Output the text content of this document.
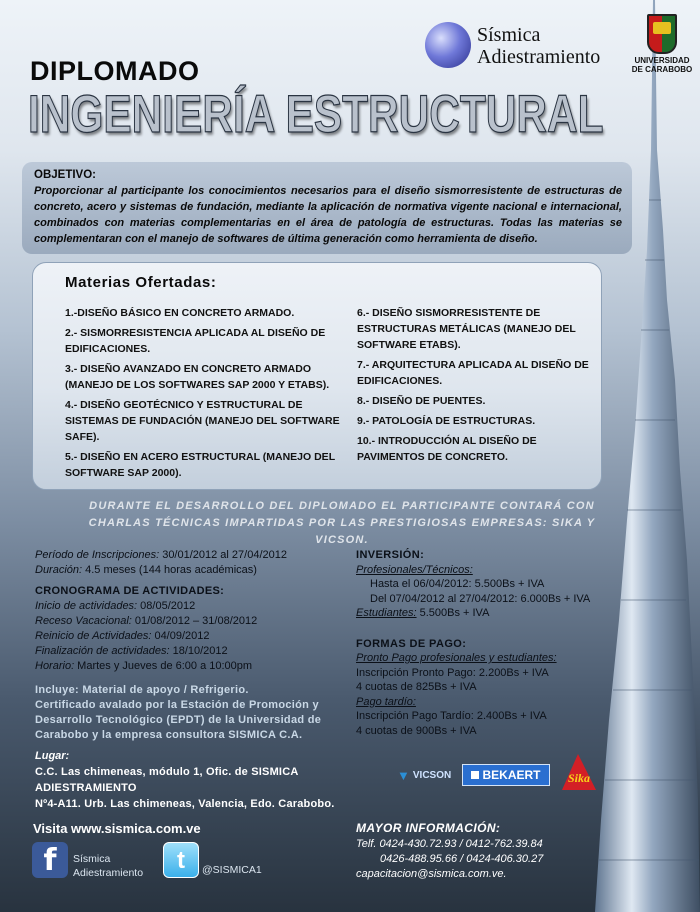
Sísmica
Adiestramiento	UNIVERSIDAD
DE CARABOBO
DIPLOMADO
INGENIERÍA ESTRUCTURAL
OBJETIVO:
Proporcionar al participante los conocimientos necesarios para el diseño sismorresistente de estructuras de concreto, acero y sistemas de fundación, mediante la aplicación de normativa vigente nacional e internacional, combinados con materias complementarias en el área de patología de estructuras. Todas las materias se complementaran con el manejo de softwares de última generación como herramienta de diseño.
Materias Ofertadas:
1.-DISEÑO BÁSICO EN CONCRETO ARMADO.
2.- SISMORRESISTENCIA APLICADA AL DISEÑO DE EDIFICACIONES.
3.- DISEÑO AVANZADO EN CONCRETO ARMADO (MANEJO DE LOS SOFTWARES SAP 2000 Y ETABS).
4.- DISEÑO GEOTÉCNICO Y ESTRUCTURAL DE SISTEMAS DE FUNDACIÓN (MANEJO DEL SOFTWARE SAFE).
5.- DISEÑO EN ACERO ESTRUCTURAL (MANEJO DEL SOFTWARE SAP 2000).
6.- DISEÑO SISMORRESISTENTE DE ESTRUCTURAS METÁLICAS (MANEJO DEL SOFTWARE ETABS).
7.- ARQUITECTURA APLICADA AL DISEÑO DE EDIFICACIONES.
8.- DISEÑO DE PUENTES.
9.- PATOLOGÍA DE ESTRUCTURAS.
10.- INTRODUCCIÓN AL DISEÑO DE PAVIMENTOS DE CONCRETO.
DURANTE EL DESARROLLO DEL DIPLOMADO EL PARTICIPANTE CONTARÁ CON CHARLAS TÉCNICAS IMPARTIDAS POR LAS PRESTIGIOSAS EMPRESAS: SIKA Y VICSON.
Período de Inscripciones: 30/01/2012 al 27/04/2012
Duración: 4.5 meses (144 horas académicas)
CRONOGRAMA DE ACTIVIDADES:
Inicio de actividades: 08/05/2012
Receso Vacacional: 01/08/2012 – 31/08/2012
Reinicio de Actividades: 04/09/2012
Finalización de actividades: 18/10/2012
Horario: Martes y Jueves de 6:00 a 10:00pm
Incluye: Material de apoyo / Refrigerio.
Certificado avalado por la Estación de Promoción y Desarrollo Tecnológico (EPDT) de la Universidad de Carabobo y la empresa consultora SISMICA C.A.
Lugar:
C.C. Las chimeneas, módulo 1, Ofic. de SISMICA ADIESTRAMIENTO
Nº4-A11. Urb. Las chimeneas, Valencia, Edo. Carabobo.
INVERSIÓN:
Profesionales/Técnicos:
Hasta el 06/04/2012: 5.500Bs + IVA
Del 07/04/2012 al 27/04/2012: 6.000Bs + IVA
Estudiantes: 5.500Bs + IVA
FORMAS DE PAGO:
Pronto Pago profesionales y estudiantes:
Inscripción Pronto Pago: 2.200Bs + IVA
4 cuotas de 825Bs + IVA
Pago tardío:
Inscripción Pago Tardío: 2.400Bs + IVA
4 cuotas de 900Bs + IVA
▼ VICSON	BEKAERT Sika
Visita www.sismica.com.ve
f	Sísmica
Adiestramiento	t	@SISMICA1
MAYOR INFORMACIÓN:
Telf. 0424-430.72.93 / 0412-762.39.84
0426-488.95.66 / 0424-406.30.27
capacitacion@sismica.com.ve.
